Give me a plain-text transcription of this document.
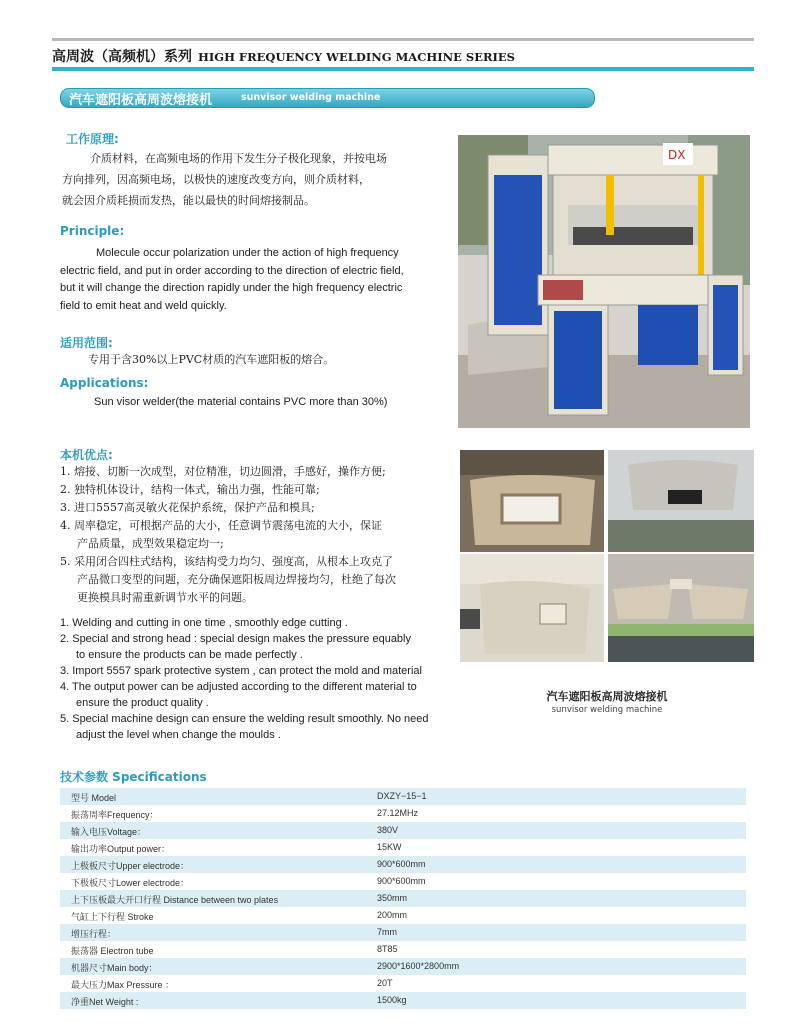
高周波（高频机）系列 HIGH FREQUENCY WELDING MACHINE SERIES
汽车遮阳板高周波熔接机	sunvisor welding machine
工作原理:
介质材料，在高频电场的作用下发生分子极化现象，并按电场
方向排列，因高频电场，以极快的速度改变方向，则介质材料，
就会因介质耗损而发热，能以最快的时间熔接制品。
Principle:
Molecule occur polarization under the action of high frequency
electric field, and put in order according to the direction of electric field,
but it will change the direction rapidly under the high frequency electric
field to emit heat and weld quickly.
适用范围:
专用于含30%以上PVC材质的汽车遮阳板的熔合。
Applications:
Sun visor welder(the material contains PVC more than 30%)
DX
本机优点:
1. 熔接、切断一次成型，对位精准，切边圆滑，手感好，操作方便;
2. 独特机体设计，结构一体式，输出力强，性能可靠;
3. 进口5557高灵敏火花保护系统，保护产品和模具;
4. 周率稳定，可根据产品的大小，任意调节震荡电流的大小，保证
产品质量，成型效果稳定均一;
5. 采用闭合四柱式结构，该结构受力均匀、强度高，从根本上攻克了
产品微口变型的问题，充分确保遮阳板周边焊接均匀，杜绝了每次
更换模具时需重新调节水平的问题。
1. Welding and cutting in one time , smoothly edge cutting .
2. Special and strong head : special design makes the pressure equably
to ensure the products can be made perfectly .
3. Import 5557 spark protective system , can protect the mold and material
4. The output power can be adjusted according to the different material to
ensure the product quality .
5. Special machine design can ensure the welding result smoothly. No need
adjust the level when change the moulds .
汽车遮阳板高周波熔接机
sunvisor welding machine
技术参数 Specifications
型号 Model	DXZY−15−1
振荡周率Frequency：	27.12MHz
输入电压Voltage：	380V
输出功率Output power：	15KW
上极板尺寸Upper electrode：	900*600mm
下极板尺寸Lower electrode：	900*600mm
上下压板最大开口行程 Distance between two plates	350mm
气缸上下行程 Stroke	200mm
增压行程：	7mm
振荡器 Electron tube	8T85
机器尺寸Main body：	2900*1600*2800mm
最大压力Max Pressure ：	20T
净重Net Weight :	1500kg
